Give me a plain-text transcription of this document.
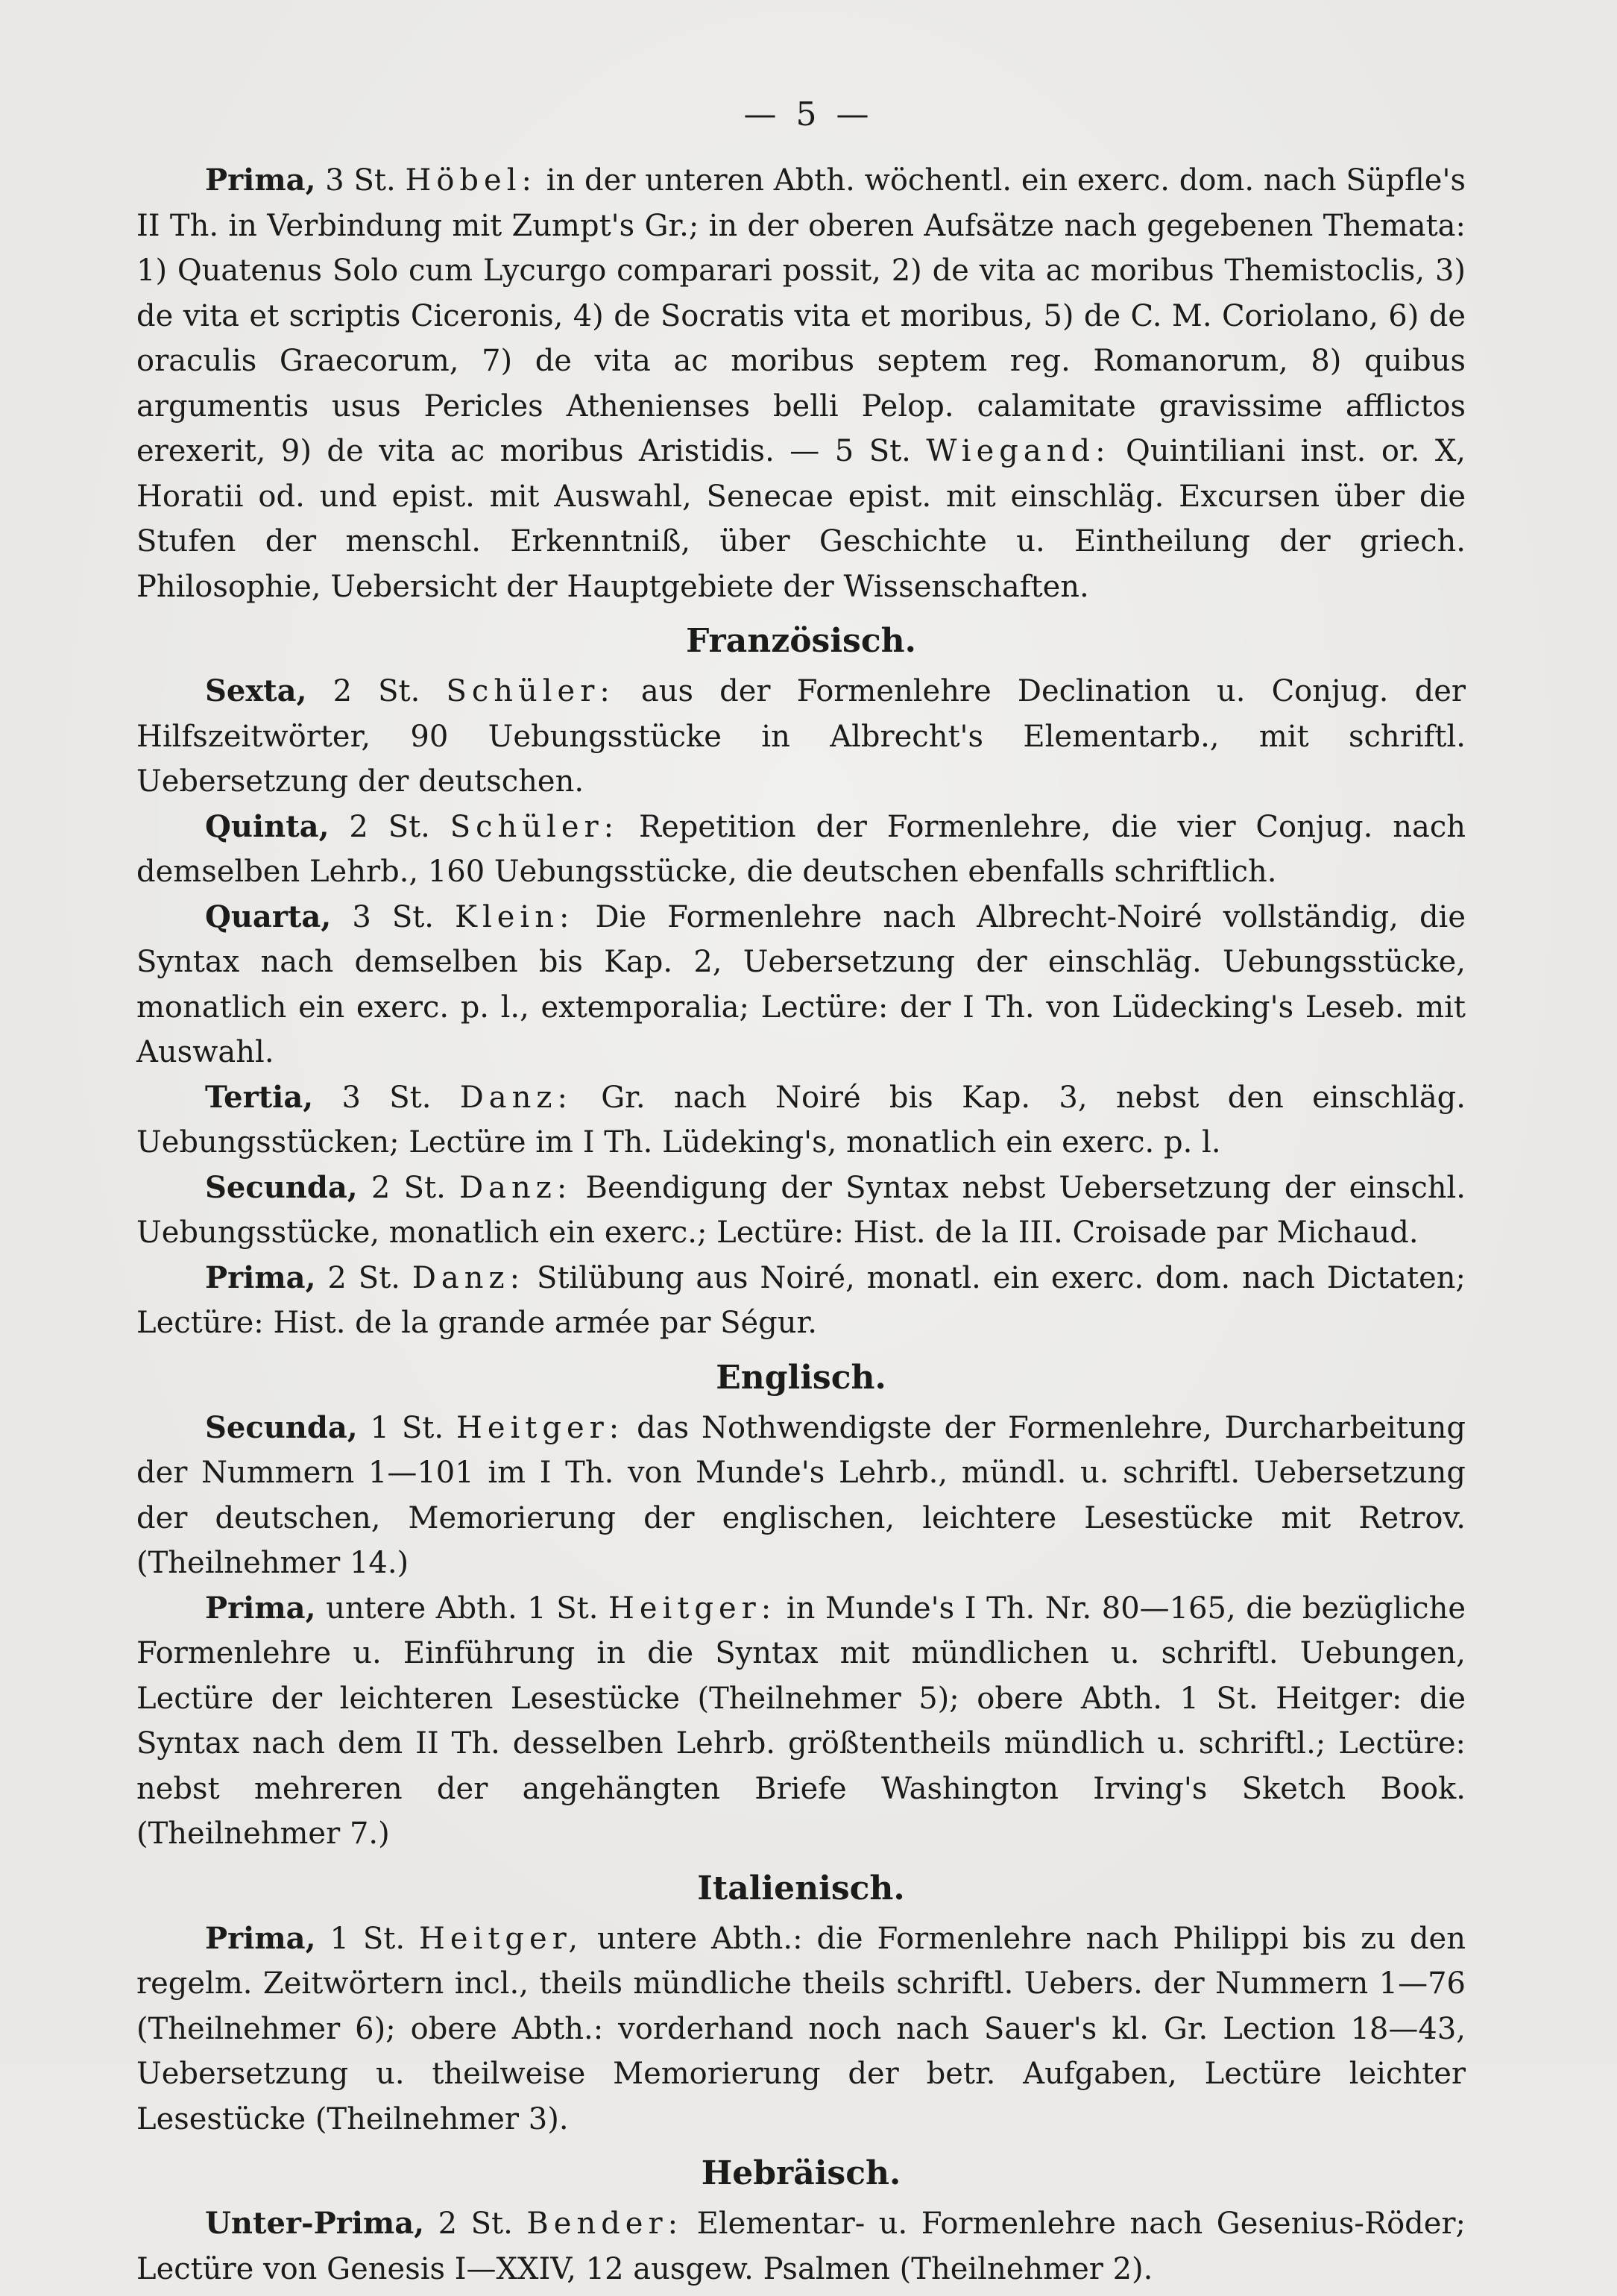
— 5 —

Prima, 3 St. Höbel: in der unteren Abth. wöchentl. ein exerc. dom. nach Süpfle's II Th. in Verbindung mit Zumpt's Gr.; in der oberen Aufsätze nach gegebenen Themata: 1) Quatenus Solo cum Lycurgo comparari possit, 2) de vita ac moribus Themistoclis, 3) de vita et scriptis Ciceronis, 4) de Socratis vita et moribus, 5) de C. M. Coriolano, 6) de oraculis Graecorum, 7) de vita ac moribus septem reg. Romanorum, 8) quibus argumentis usus Pericles Athenienses belli Pelop. calamitate gravissime afflictos erexerit, 9) de vita ac moribus Aristidis. — 5 St. Wiegand: Quintiliani inst. or. X, Horatii od. und epist. mit Auswahl, Senecae epist. mit einschläg. Excursen über die Stufen der menschl. Erkenntniß, über Geschichte u. Eintheilung der griech. Philosophie, Uebersicht der Hauptgebiete der Wissenschaften.

Französisch.

Sexta, 2 St. Schüler: aus der Formenlehre Declination u. Conjug. der Hilfszeitwörter, 90 Uebungsstücke in Albrecht's Elementarb., mit schriftl. Uebersetzung der deutschen.

Quinta, 2 St. Schüler: Repetition der Formenlehre, die vier Conjug. nach demselben Lehrb., 160 Uebungsstücke, die deutschen ebenfalls schriftlich.

Quarta, 3 St. Klein: Die Formenlehre nach Albrecht-Noiré vollständig, die Syntax nach demselben bis Kap. 2, Uebersetzung der einschläg. Uebungsstücke, monatlich ein exerc. p. l., extemporalia; Lectüre: der I Th. von Lüdecking's Leseb. mit Auswahl.

Tertia, 3 St. Danz: Gr. nach Noiré bis Kap. 3, nebst den einschläg. Uebungsstücken; Lectüre im I Th. Lüdeking's, monatlich ein exerc. p. l.

Secunda, 2 St. Danz: Beendigung der Syntax nebst Uebersetzung der einschl. Uebungsstücke, monatlich ein exerc.; Lectüre: Hist. de la III. Croisade par Michaud.

Prima, 2 St. Danz: Stilübung aus Noiré, monatl. ein exerc. dom. nach Dictaten; Lectüre: Hist. de la grande armée par Ségur.

Englisch.

Secunda, 1 St. Heitger: das Nothwendigste der Formenlehre, Durcharbeitung der Nummern 1—101 im I Th. von Munde's Lehrb., mündl. u. schriftl. Uebersetzung der deutschen, Memorierung der englischen, leichtere Lesestücke mit Retrov. (Theilnehmer 14.)

Prima, untere Abth. 1 St. Heitger: in Munde's I Th. Nr. 80—165, die bezügliche Formenlehre u. Einführung in die Syntax mit mündlichen u. schriftl. Uebungen, Lectüre der leichteren Lesestücke (Theilnehmer 5); obere Abth. 1 St. Heitger: die Syntax nach dem II Th. desselben Lehrb. größtentheils mündlich u. schriftl.; Lectüre: nebst mehreren der angehängten Briefe Washington Irving's Sketch Book. (Theilnehmer 7.)

Italienisch.

Prima, 1 St. Heitger, untere Abth.: die Formenlehre nach Philippi bis zu den regelm. Zeitwörtern incl., theils mündliche theils schriftl. Uebers. der Nummern 1—76 (Theilnehmer 6); obere Abth.: vorderhand noch nach Sauer's kl. Gr. Lection 18—43, Uebersetzung u. theilweise Memorierung der betr. Aufgaben, Lectüre leichter Lesestücke (Theilnehmer 3).

Hebräisch.

Unter-Prima, 2 St. Bender: Elementar- u. Formenlehre nach Gesenius-Röder; Lectüre von Genesis I—XXIV, 12 ausgew. Psalmen (Theilnehmer 2).
